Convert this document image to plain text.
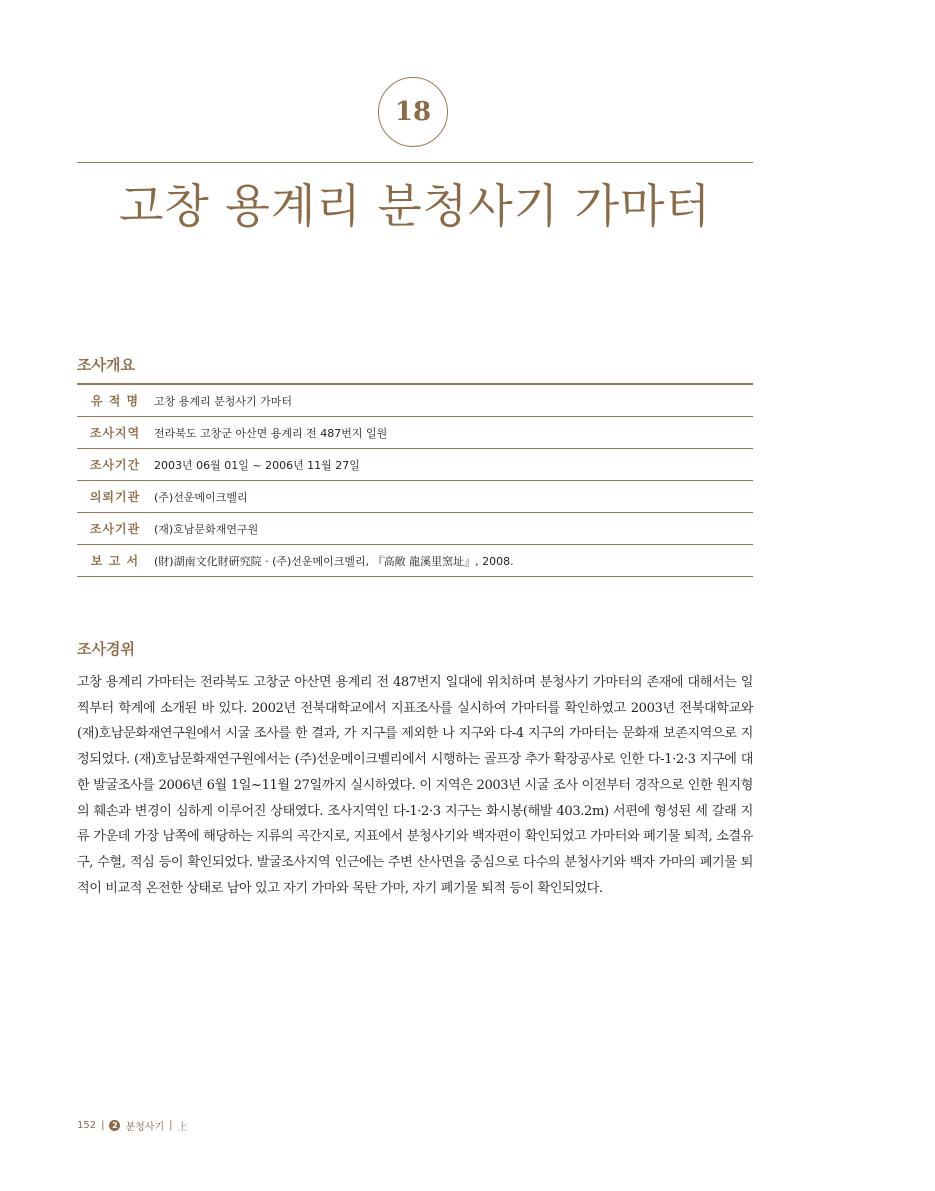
18
고창 용계리 분청사기 가마터
조사개요
유 적 명	고창 용계리 분청사기 가마터
조사지역	전라북도 고창군 아산면 용계리 전 487번지 일원
조사기간	2003년 06월 01일 ~ 2006년 11월 27일
의뢰기관	(주)선운메이크벨리
조사기관	(재)호남문화재연구원
보 고 서	(財)湖南文化財硏究院 · (주)선운메이크벨리, 『高敞 龍溪里窯址』, 2008.
조사경위

고창 용계리 가마터는 전라북도 고창군 아산면 용계리 전 487번지 일대에 위치하며 분청사기 가마터의 존재에 대해서는 일찍부터 학계에 소개된 바 있다. 2002년 전북대학교에서 지표조사를 실시하여 가마터를 확인하였고 2003년 전북대학교와 (재)호남문화재연구원에서 시굴 조사를 한 결과, 가 지구를 제외한 나 지구와 다-4 지구의 가마터는 문화재 보존지역으로 지정되었다. (재)호남문화재연구원에서는 (주)선운메이크벨리에서 시행하는 골프장 추가 확장공사로 인한 다-1·2·3 지구에 대한 발굴조사를 2006년 6월 1일~11월 27일까지 실시하였다. 이 지역은 2003년 시굴 조사 이전부터 경작으로 인한 원지형의 훼손과 변경이 심하게 이루어진 상태였다. 조사지역인 다-1·2·3 지구는 화시봉(해발 403.2m) 서편에 형성된 세 갈래 지류 가운데 가장 남쪽에 해당하는 지류의 곡간지로, 지표에서 분청사기와 백자편이 확인되었고 가마터와 폐기물 퇴적, 소결유구, 수혈, 적심 등이 확인되었다. 발굴조사지역 인근에는 주변 산사면을 중심으로 다수의 분청사기와 백자 가마의 폐기물 퇴적이 비교적 온전한 상태로 남아 있고 자기 가마와 목탄 가마, 자기 폐기물 퇴적 등이 확인되었다.

152 | 2 분청사기 | 上
